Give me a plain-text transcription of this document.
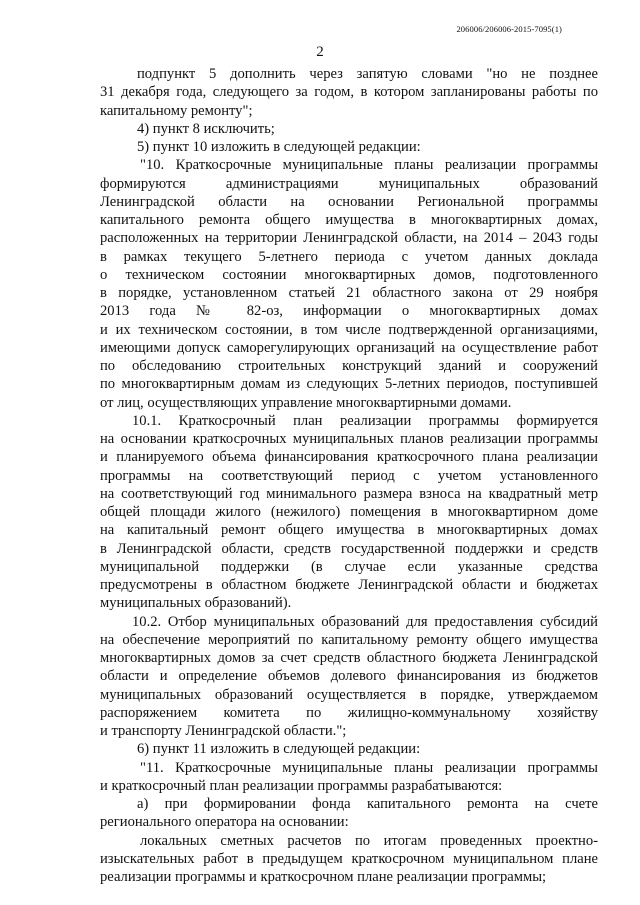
206006/206006-2015-7095(1)
2
подпункт 5 дополнить через запятую словами "но не позднее
31 декабря года, следующего за годом, в котором запланированы работы по
капитальному ремонту";
4) пункт 8 исключить;
5) пункт 10 изложить в следующей редакции:
"10. Краткосрочные муниципальные планы реализации программы
формируются администрациями муниципальных образований
Ленинградской области на основании Региональной программы
капитального ремонта общего имущества в многоквартирных домах,
расположенных на территории Ленинградской области, на 2014 – 2043 годы
в рамках текущего 5-летнего периода с учетом данных доклада
о техническом состоянии многоквартирных домов, подготовленного
в порядке, установленном статьей 21 областного закона от 29 ноября
2013 года № 82-оз, информации о многоквартирных домах
и их техническом состоянии, в том числе подтвержденной организациями,
имеющими допуск саморегулирующих организаций на осуществление работ
по обследованию строительных конструкций зданий и сооружений
по многоквартирным домам из следующих 5-летних периодов, поступившей
от лиц, осуществляющих управление многоквартирными домами.
10.1. Краткосрочный план реализации программы формируется
на основании краткосрочных муниципальных планов реализации программы
и планируемого объема финансирования краткосрочного плана реализации
программы на соответствующий период с учетом установленного
на соответствующий год минимального размера взноса на квадратный метр
общей площади жилого (нежилого) помещения в многоквартирном доме
на капитальный ремонт общего имущества в многоквартирных домах
в Ленинградской области, средств государственной поддержки и средств
муниципальной поддержки (в случае если указанные средства
предусмотрены в областном бюджете Ленинградской области и бюджетах
муниципальных образований).
10.2. Отбор муниципальных образований для предоставления субсидий
на обеспечение мероприятий по капитальному ремонту общего имущества
многоквартирных домов за счет средств областного бюджета Ленинградской
области и определение объемов долевого финансирования из бюджетов
муниципальных образований осуществляется в порядке, утверждаемом
распоряжением комитета по жилищно-коммунальному хозяйству
и транспорту Ленинградской области.";
6) пункт 11 изложить в следующей редакции:
"11. Краткосрочные муниципальные планы реализации программы
и краткосрочный план реализации программы разрабатываются:
а) при формировании фонда капитального ремонта на счете
регионального оператора на основании:
локальных сметных расчетов по итогам проведенных проектно-
изыскательных работ в предыдущем краткосрочном муниципальном плане
реализации программы и краткосрочном плане реализации программы;
